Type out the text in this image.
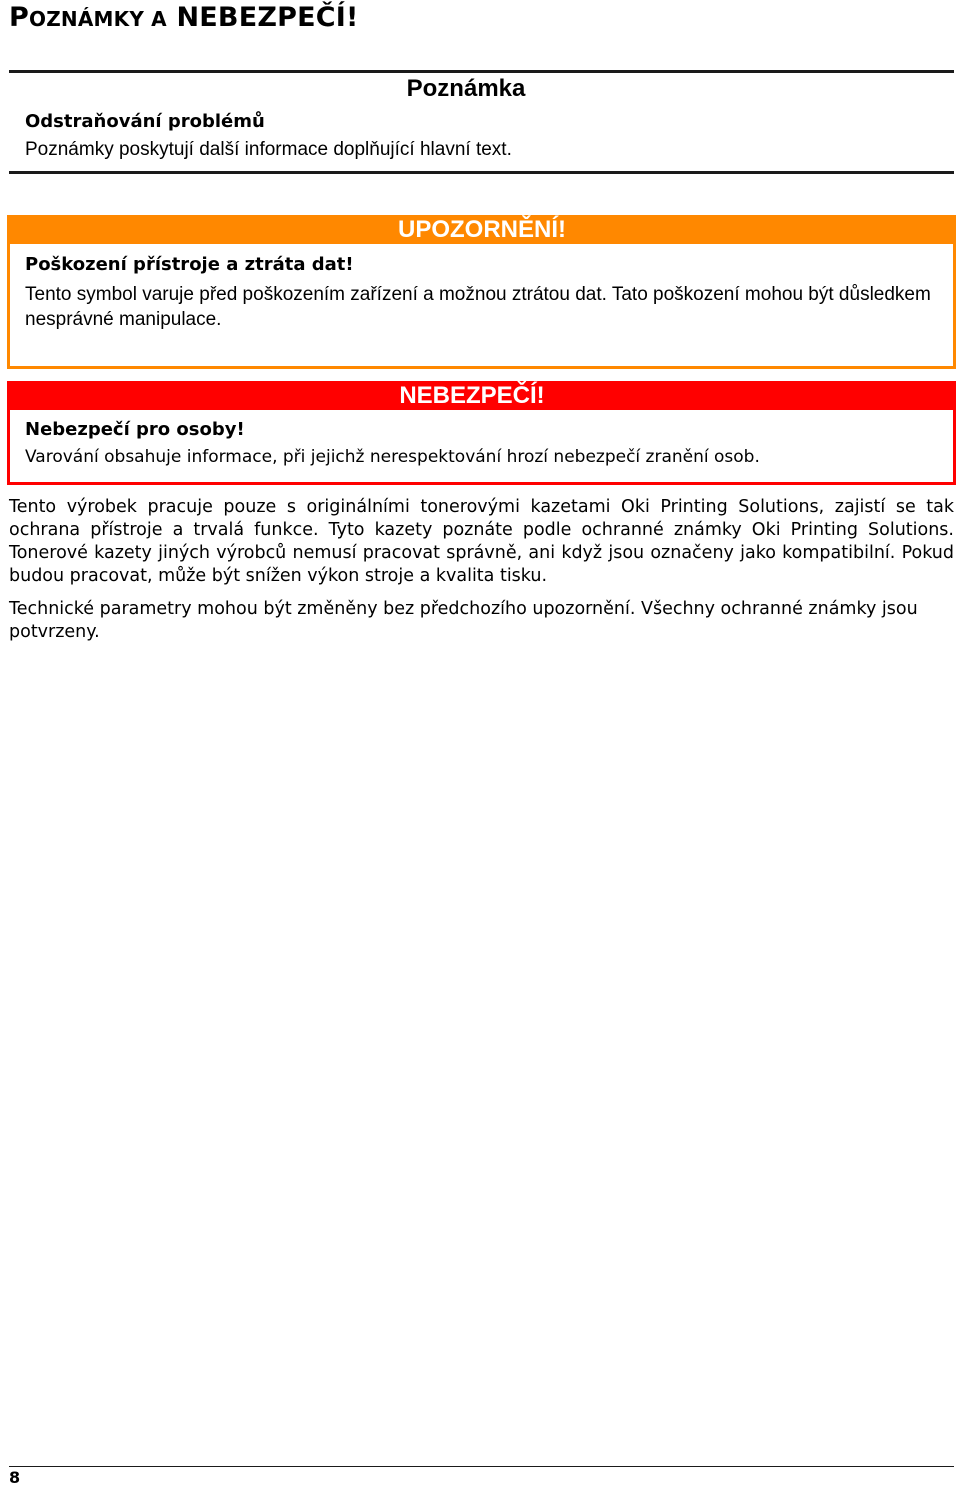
POZNÁMKY A NEBEZPEČÍ!
Poznámka
Odstraňování problémů
Poznámky poskytují další informace doplňující hlavní text.
UPOZORNĚNÍ!
Poškození přístroje a ztráta dat!
Tento symbol varuje před poškozením zařízení a možnou ztrátou dat. Tato poškození mohou být důsledkem nesprávné manipulace.
NEBEZPEČÍ!
Nebezpečí pro osoby!
Varování obsahuje informace, při jejichž nerespektování hrozí nebezpečí zranění osob.

Tento výrobek pracuje pouze s originálními tonerovými kazetami Oki Printing Solutions, zajistí se tak ochrana přístroje a trvalá funkce. Tyto kazety poznáte podle ochranné známky Oki Printing Solutions. Tonerové kazety jiných výrobců nemusí pracovat správně, ani když jsou označeny jako kompatibilní. Pokud budou pracovat, může být snížen výkon stroje a kvalita tisku.

Technické parametry mohou být změněny bez předchozího upozornění. Všechny ochranné známky jsou potvrzeny.

8
